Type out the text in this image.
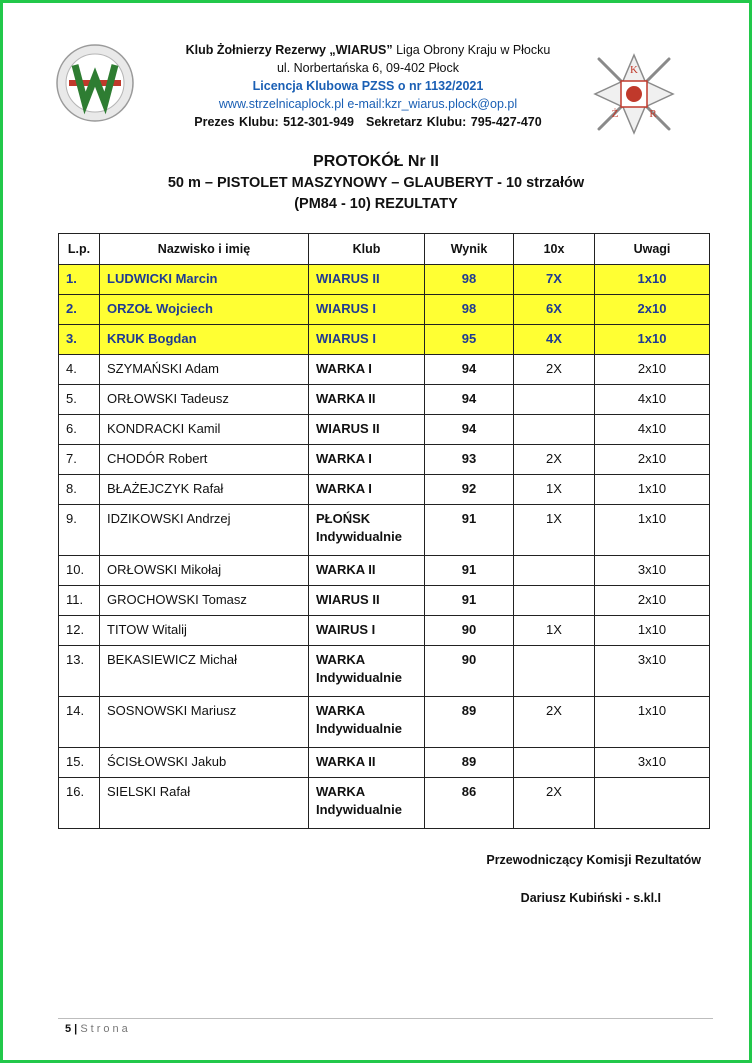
K
Ż	R
Klub Żołnierzy Rezerwy „WIARUS” Liga Obrony Kraju w Płocku
ul. Norbertańska 6, 09-402 Płock
Licencja Klubowa PZSS o nr 1132/2021
www.strzelnicaplock.pl e-mail:kzr_wiarus.plock@op.pl
Prezes Klubu: 512-301-949 Sekretarz Klubu: 795-427-470
PROTOKÓŁ Nr II
50 m – PISTOLET MASZYNOWY – GLAUBERYT - 10 strzałów
(PM84 - 10) REZULTATY
L.p.	Nazwisko i imię	Klub	Wynik	10x	Uwagi
1.	LUDWICKI Marcin	WIARUS II	98	7X	1x10
2.	ORZOŁ Wojciech	WIARUS I	98	6X	2x10
3.	KRUK Bogdan	WIARUS I	95	4X	1x10
4.	SZYMAŃSKI Adam	WARKA I	94	2X	2x10
5.	ORŁOWSKI Tadeusz	WARKA II	94		4x10
6.	KONDRACKI Kamil	WIARUS II	94		4x10
7.	CHODÓR Robert	WARKA I	93	2X	2x10
8.	BŁAŻEJCZYK Rafał	WARKA I	92	1X	1x10
9.	IDZIKOWSKI Andrzej	PŁOŃSK
Indywidualnie	91	1X	1x10
10.	ORŁOWSKI Mikołaj	WARKA II	91		3x10
11.	GROCHOWSKI Tomasz	WIARUS II	91		2x10
12.	TITOW Witalij	WAIRUS I	90	1X	1x10
13.	BEKASIEWICZ Michał	WARKA
Indywidualnie	90		3x10
14.	SOSNOWSKI Mariusz	WARKA
Indywidualnie	89	2X	1x10
15.	ŚCISŁOWSKI Jakub	WARKA II	89		3x10
16.	SIELSKI Rafał	WARKA
Indywidualnie	86	2X	
Przewodniczący Komisji Rezultatów
Dariusz Kubiński - s.kl.I
5 | Strona
